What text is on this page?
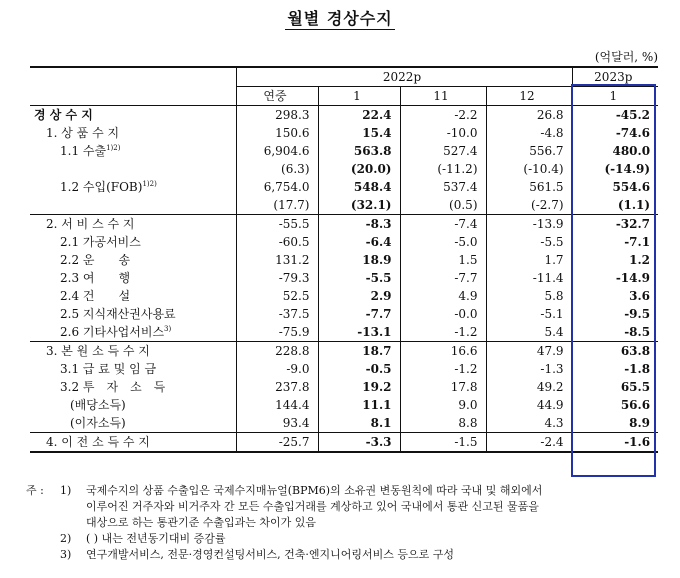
월별 경상수지
(억달러, %)
	2022p				2023p
	연중	1	11	12	1
경 상 수 지	298.3	22.4	-2.2	26.8	-45.2
1. 상 품 수 지	150.6	15.4	-10.0	-4.8	-74.6
1.1 수출$^{1)2)}$	6,904.6	563.8	527.4	556.7	480.0
	(6.3)	(20.0)	(-11.2)	(-10.4)	(-14.9)
1.2 수입(FOB)$^{1)2)}$	6,754.0	548.4	537.4	561.5	554.6
	(17.7)	(32.1)	(0.5)	(-2.7)	(1.1)
2. 서 비 스 수 지	-55.5	-8.3	-7.4	-13.9	-32.7
2.1 가공서비스	-60.5	-6.4	-5.0	-5.5	-7.1
2.2 운　　송	131.2	18.9	1.5	1.7	1.2
2.3 여　　행	-79.3	-5.5	-7.7	-11.4	-14.9
2.4 건　　설	52.5	2.9	4.9	5.8	3.6
2.5 지식재산권사용료	-37.5	-7.7	-0.0	-5.1	-9.5
2.6 기타사업서비스$^{3)}$	-75.9	-13.1	-1.2	5.4	-8.5
3. 본 원 소 득 수 지	228.8	18.7	16.6	47.9	63.8
3.1 급 료 및 임 금	-9.0	-0.5	-1.2	-1.3	-1.8
3.2 투　자　소　득	237.8	19.2	17.8	49.2	65.5
(배당소득)	144.4	11.1	9.0	44.9	56.6
(이자소득)	93.4	8.1	8.8	4.3	8.9
4. 이 전 소 득 수 지	-25.7	-3.3	-1.5	-2.4	-1.6
주 :	1)	국제수지의 상품 수출입은 국제수지매뉴얼(BPM6)의 소유권 변동원칙에 따라 국내 및 해외에서
이루어진 거주자와 비거주자 간 모든 수출입거래를 계상하고 있어 국내에서 통관 신고된 물품을
대상으로 하는 통관기준 수출입과는 차이가 있음
2)	( ) 내는 전년동기대비 증감률
3)	연구개발서비스, 전문·경영컨설팅서비스, 건축·엔지니어링서비스 등으로 구성
